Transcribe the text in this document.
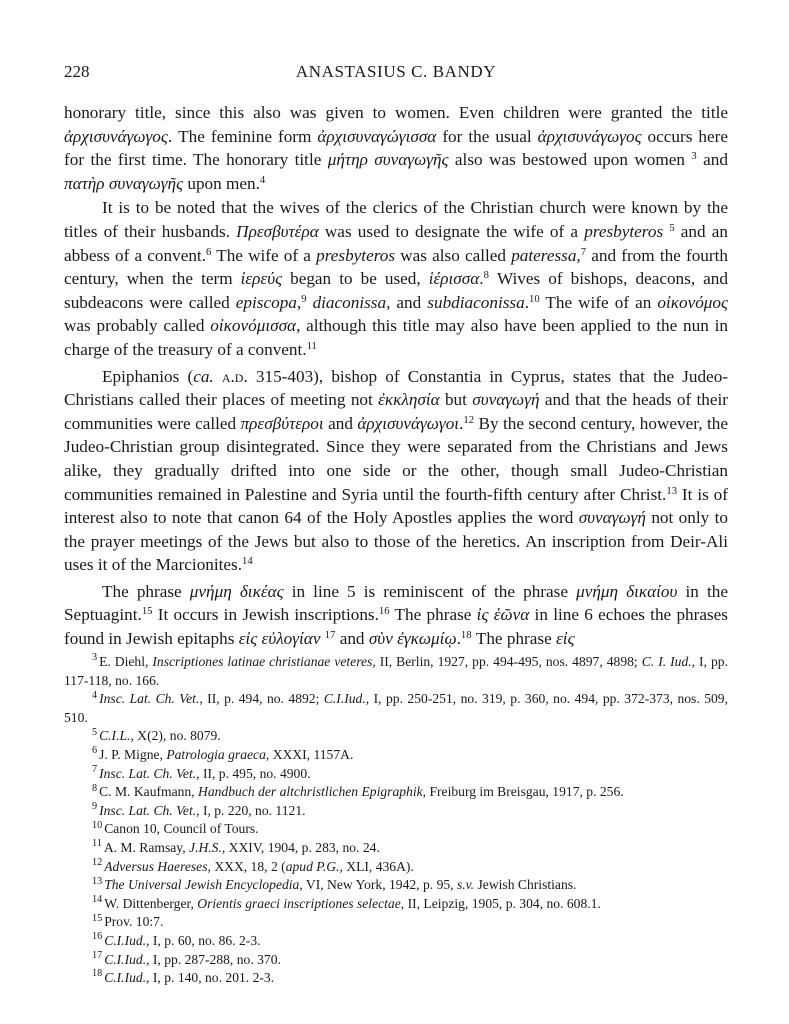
228	ANASTASIUS C. BANDY

honorary title, since this also was given to women. Even children were granted the title ἀρχισυνάγωγος. The feminine form ἀρχισυναγώγισσα for the usual ἀρχισυνάγωγος occurs here for the first time. The honorary title μήτηρ συναγωγῆς also was bestowed upon women $^3$ and πατὴρ συναγωγῆς upon men.$^4$

It is to be noted that the wives of the clerics of the Christian church were known by the titles of their husbands. Πρεσβυτέρα was used to designate the wife of a presbyteros $^5$ and an abbess of a convent.$^6$ The wife of a presbyteros was also called pateressa,$^7$ and from the fourth century, when the term ἱερεύς began to be used, ἱέρισσα.$^8$ Wives of bishops, deacons, and subdeacons were called episcopa,$^9$ diaconissa, and subdiaconissa.$^{10}$ The wife of an οἰκονόμος was probably called οἰκονόμισσα, although this title may also have been applied to the nun in charge of the treasury of a convent.$^{11}$

Epiphanios (ca. a.d. 315-403), bishop of Constantia in Cyprus, states that the Judeo-Christians called their places of meeting not ἐκκλησία but συναγωγή and that the heads of their communities were called πρεσβύτεροι and ἀρχισυνάγωγοι.$^{12}$ By the second century, however, the Judeo-Christian group disintegrated. Since they were separated from the Christians and Jews alike, they gradually drifted into one side or the other, though small Judeo-Christian communities remained in Palestine and Syria until the fourth-fifth century after Christ.$^{13}$ It is of interest also to note that canon 64 of the Holy Apostles applies the word συναγωγή not only to the prayer meetings of the Jews but also to those of the heretics. An inscription from Deir-Ali uses it of the Marcionites.$^{14}$

The phrase μνήμη δικέας in line 5 is reminiscent of the phrase μνήμη δικαίου in the Septuagint.$^{15}$ It occurs in Jewish inscriptions.$^{16}$ The phrase ἰς ἑῶνα in line 6 echoes the phrases found in Jewish epitaphs εἰς εὐλογίαν $^{17}$ and σὺν ἐγκωμίῳ.$^{18}$ The phrase εἰς

$^3$ E. Diehl, Inscriptiones latinae christianae veteres, II, Berlin, 1927, pp. 494-495, nos. 4897, 4898; C. I. Iud., I, pp. 117-118, no. 166.
$^4$ Insc. Lat. Ch. Vet., II, p. 494, no. 4892; C.I.Iud., I, pp. 250-251, no. 319, p. 360, no. 494, pp. 372-373, nos. 509, 510.
$^5$ C.I.L., X(2), no. 8079.
$^6$ J. P. Migne, Patrologia graeca, XXXI, 1157A.
$^7$ Insc. Lat. Ch. Vet., II, p. 495, no. 4900.
$^8$ C. M. Kaufmann, Handbuch der altchristlichen Epigraphik, Freiburg im Breisgau, 1917, p. 256.
$^9$ Insc. Lat. Ch. Vet., I, p. 220, no. 1121.
$^{10}$ Canon 10, Council of Tours.
$^{11}$ A. M. Ramsay, J.H.S., XXIV, 1904, p. 283, no. 24.
$^{12}$ Adversus Haereses, XXX, 18, 2 (apud P.G., XLI, 436A).
$^{13}$ The Universal Jewish Encyclopedia, VI, New York, 1942, p. 95, s.v. Jewish Christians.
$^{14}$ W. Dittenberger, Orientis graeci inscriptiones selectae, II, Leipzig, 1905, p. 304, no. 608.1.
$^{15}$ Prov. 10:7.
$^{16}$ C.I.Iud., I, p. 60, no. 86. 2-3.
$^{17}$ C.I.Iud., I, pp. 287-288, no. 370.
$^{18}$ C.I.Iud., I, p. 140, no. 201. 2-3.
